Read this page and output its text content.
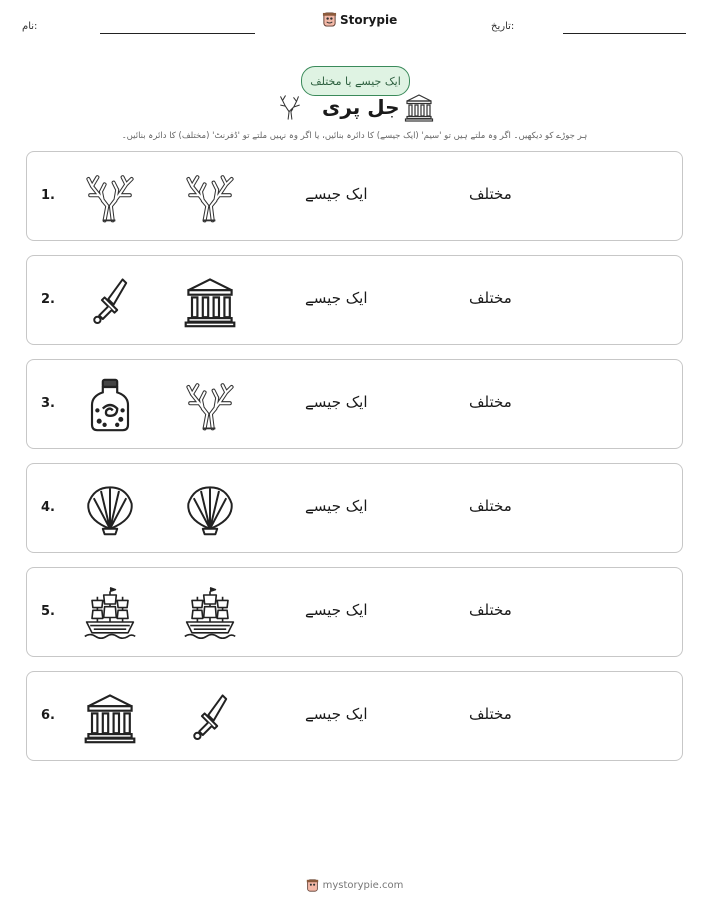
نام:	Storypie	تاریخ:
ایک جیسے یا مختلف
جل پری
ہر جوڑے کو دیکھیں۔ اگر وہ ملتے ہیں تو 'سیم' (ایک جیسے) کا دائرہ بنائیں، یا اگر وہ نہیں ملتے تو 'ڈفرنٹ' (مختلف) کا دائرہ بنائیں۔
1.	ایک جیسے	مختلف
2.	ایک جیسے	مختلف
3.	ایک جیسے	مختلف
4.	ایک جیسے	مختلف
5.	ایک جیسے	مختلف
6.	ایک جیسے	مختلف
mystorypie.com
